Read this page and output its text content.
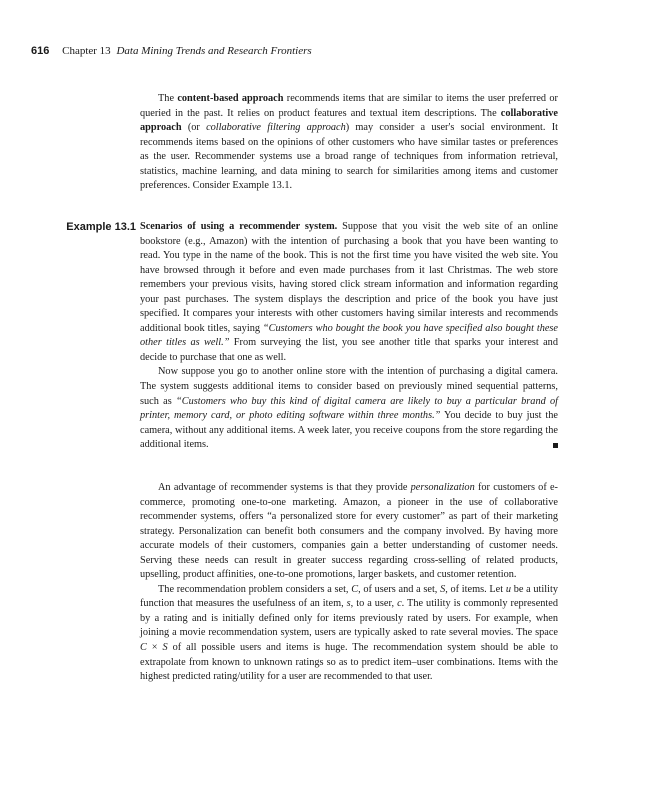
616 Chapter 13 Data Mining Trends and Research Frontiers

The content-based approach recommends items that are similar to items the user preferred or queried in the past. It relies on product features and textual item descriptions. The collaborative approach (or collaborative filtering approach) may consider a user's social environment. It recommends items based on the opinions of other customers who have similar tastes or preferences as the user. Recommender systems use a broad range of techniques from information retrieval, statistics, machine learning, and data mining to search for similarities among items and customer preferences. Consider Example 13.1.

Example 13.1 Scenarios of using a recommender system. Suppose that you visit the web site of an online bookstore (e.g., Amazon) with the intention of purchasing a book that you have been wanting to read. You type in the name of the book. This is not the first time you have visited the web site. You have browsed through it before and even made purchases from it last Christmas. The web store remembers your previous visits, having stored click stream information and information regarding your past purchases. The system displays the description and price of the book you have just specified. It compares your interests with other customers having similar interests and recommends additional book titles, saying “Customers who bought the book you have specified also bought these other titles as well.” From surveying the list, you see another title that sparks your interest and decide to purchase that one as well.

Now suppose you go to another online store with the intention of purchasing a digital camera. The system suggests additional items to consider based on previously mined sequential patterns, such as “Customers who buy this kind of digital camera are likely to buy a particular brand of printer, memory card, or photo editing software within three months.” You decide to buy just the camera, without any additional items. A week later, you receive coupons from the store regarding the additional items.

An advantage of recommender systems is that they provide personalization for customers of e-commerce, promoting one-to-one marketing. Amazon, a pioneer in the use of collaborative recommender systems, offers “a personalized store for every customer” as part of their marketing strategy. Personalization can benefit both consumers and the company involved. By having more accurate models of their customers, companies gain a better understanding of customer needs. Serving these needs can result in greater success regarding cross-selling of related products, upselling, product affinities, one-to-one promotions, larger baskets, and customer retention.

The recommendation problem considers a set, C, of users and a set, S, of items. Let u be a utility function that measures the usefulness of an item, s, to a user, c. The utility is commonly represented by a rating and is initially defined only for items previously rated by users. For example, when joining a movie recommendation system, users are typically asked to rate several movies. The space C × S of all possible users and items is huge. The recommendation system should be able to extrapolate from known to unknown ratings so as to predict item–user combinations. Items with the highest predicted rating/utility for a user are recommended to that user.
